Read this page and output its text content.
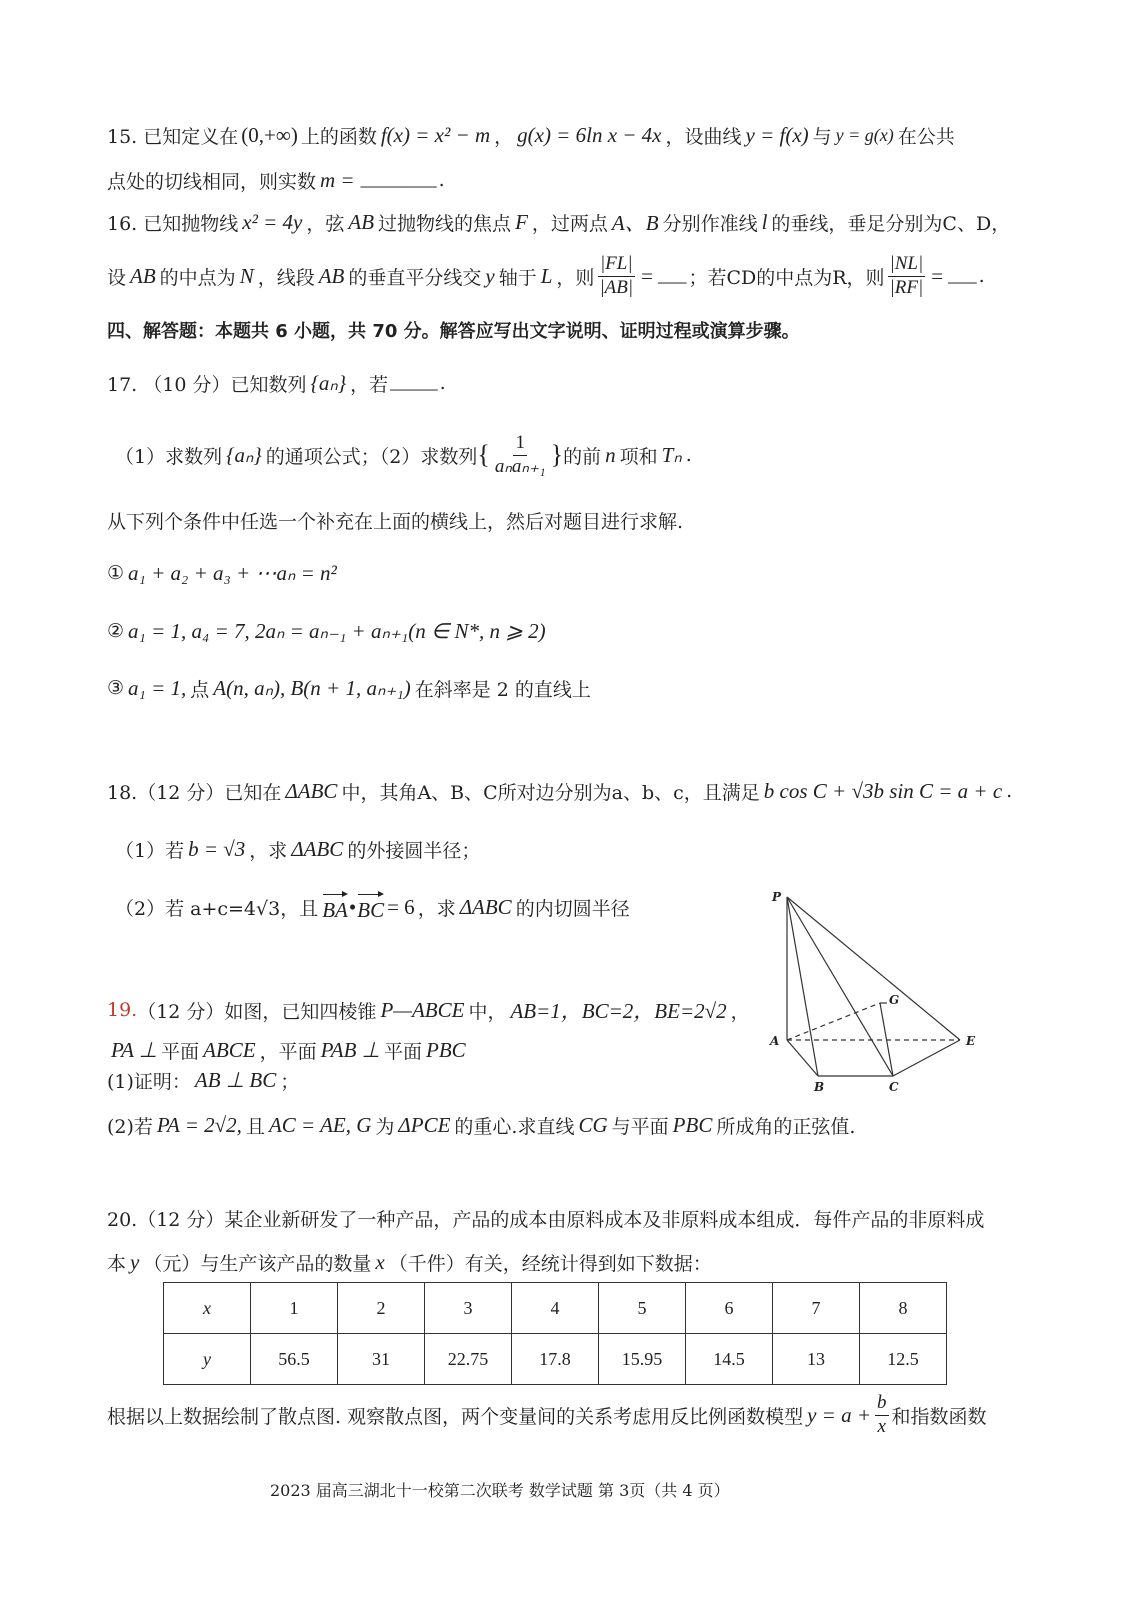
15. 已知定义在 (0,+∞) 上的函数 f(x) = x² − m ， g(x) = 6ln x − 4x ，设曲线 y = f(x) 与 y = g(x) 在公共
点处的切线相同，则实数 m = ________ .
16. 已知抛物线 x² = 4y ，弦 AB 过抛物线的焦点 F ，过两点 A、B 分别作准线 l 的垂线，垂足分别为C、D，
设 AB 的中点为 N ，线段 AB 的垂直平分线交 y 轴于 L ，则 $\frac{|FL|}{|AB|}$ = ___ ；若CD的中点为R，则 $\frac{|NL|}{|RF|}$ = ___ .
四、解答题：本题共 6 小题，共 70 分。解答应写出文字说明、证明过程或演算步骤。
17. （10 分）已知数列 {aₙ} ，若 _____ .
（1）求数列 {aₙ} 的通项公式；（2）求数列 { $\frac{1}{\text{aₙaₙ₊₁}}$ } 的前 n 项和 Tₙ .
从下列个条件中任选一个补充在上面的横线上，然后对题目进行求解.
① a₁ + a₂ + a₃ + ⋯aₙ = n²
② a₁ = 1, a₄ = 7, 2aₙ = aₙ₋₁ + aₙ₊₁(n ∈ N*, n ⩾ 2)
③ a₁ = 1, 点 A(n, aₙ), B(n + 1, aₙ₊₁) 在斜率是 2 的直线上
18.（12 分）已知在 ΔABC 中，其角A、B、C所对边分别为a、b、c，且满足 b cos C + √3b sin C = a + c .
（1）若 b = √3 ，求 ΔABC 的外接圆半径；
（2）若 a+c=4√3，且 BA • BC = 6 ，求 ΔABC 的内切圆半径
19. （12 分）如图，已知四棱锥 P—ABCE 中， AB=1，BC=2，BE=2√2 ，
PA ⊥ 平面 ABCE ，平面 PAB ⊥ 平面 PBC
(1)证明： AB ⊥ BC ；
(2)若 PA = 2√2, 且 AC = AE, G 为 ΔPCE 的重心.求直线 CG 与平面 PBC 所成角的正弦值.
P
A
B	C
E
G
20.（12 分）某企业新研发了一种产品，产品的成本由原料成本及非原料成本组成．每件产品的非原料成
本 y （元）与生产该产品的数量 x （千件）有关，经统计得到如下数据：
x	1	2	3	4	5	6	7	8
y	56.5	31	22.75	17.8	15.95	14.5	13	12.5
根据以上数据绘制了散点图. 观察散点图，两个变量间的关系考虑用反比例函数模型 $y = a + \frac{b}{x}$ 和指数函数
2023 届高三湖北十一校第二次联考 数学试题 第 3页（共 4 页）
